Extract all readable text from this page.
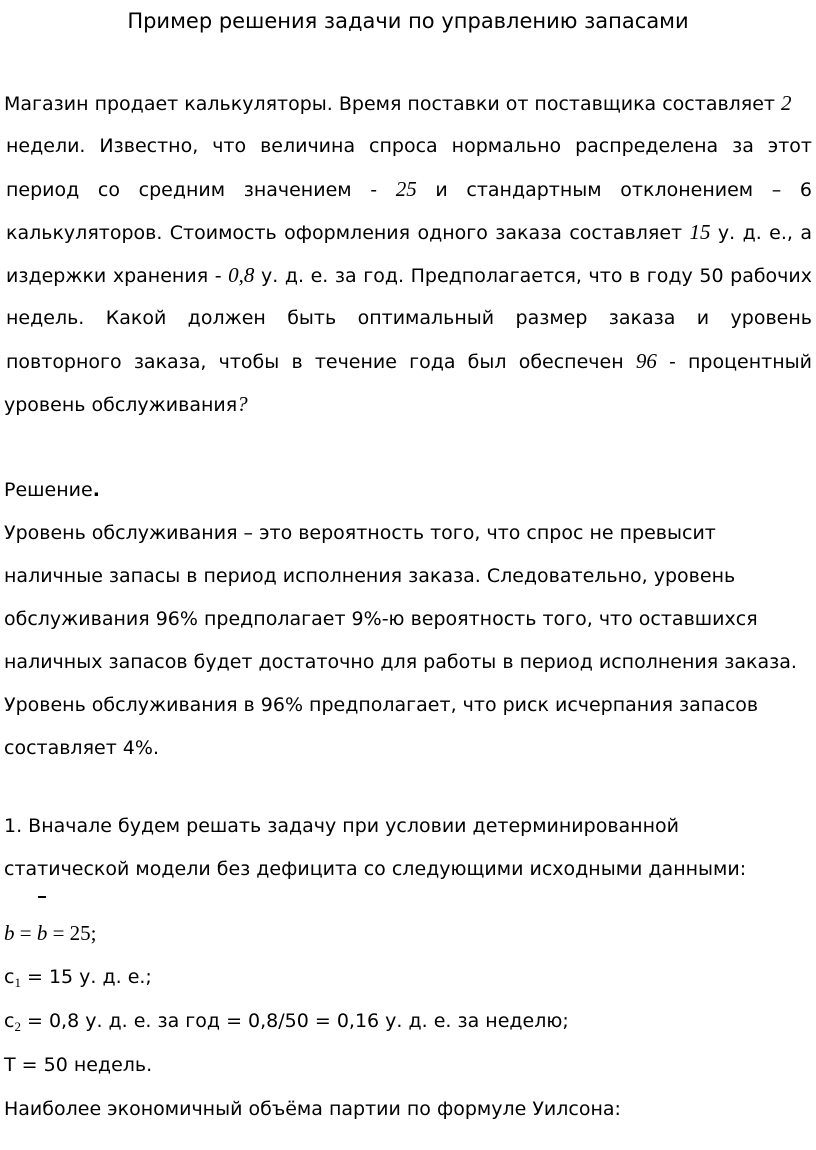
Пример решения задачи по управлению запасами
Магазин продает калькуляторы. Время поставки от поставщика составляет 2
недели. Известно, что величина спроса нормально распределена за этот
период со средним значением - 25 и стандартным отклонением – 6
калькуляторов. Стоимость оформления одного заказа составляет 15 у. д. е., а
издержки хранения - 0,8 у. д. е. за год. Предполагается, что в году 50 рабочих
недель. Какой должен быть оптимальный размер заказа и уровень
повторного заказа, чтобы в течение года был обеспечен 96 - процентный
уровень обслуживания?
Решение.
Уровень обслуживания – это вероятность того, что спрос не превысит
наличные запасы в период исполнения заказа. Следовательно, уровень
обслуживания 96% предполагает 9%-ю вероятность того, что оставшихся
наличных запасов будет достаточно для работы в период исполнения заказа.
Уровень обслуживания в 96% предполагает, что риск исчерпания запасов
составляет 4%.
1. Вначале будем решать задачу при условии детерминированной
статической модели без дефицита со следующими исходными данными:
b = b = 25;
$с_1 = 15$ у. д. е.;
$с_2 = 0,8$ у. д. е. за год = 0,8/50 = 0,16 у. д. е. за неделю;
Т = 50 недель.
Наиболее экономичный объёма партии по формуле Уилсона:
